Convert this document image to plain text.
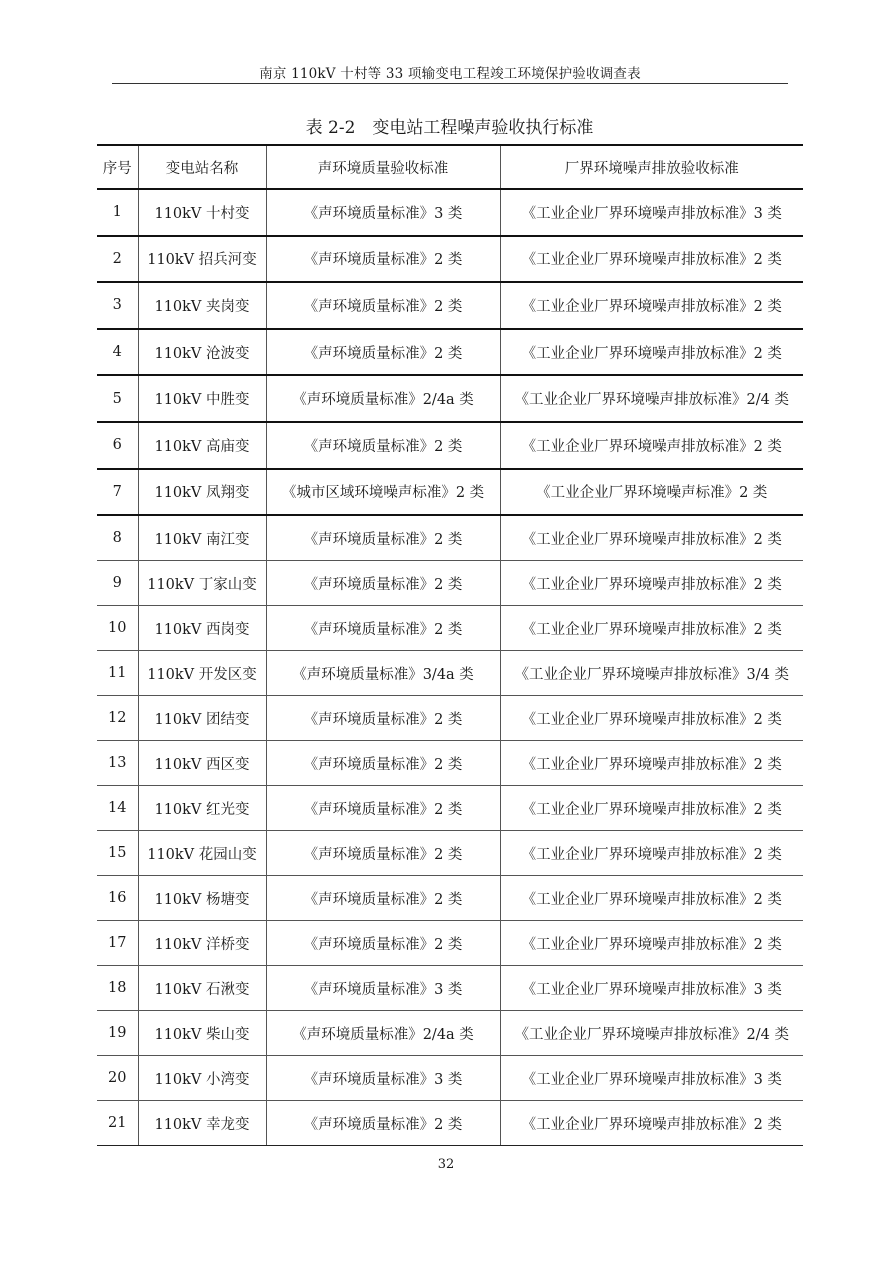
南京 110kV 十村等 33 项输变电工程竣工环境保护验收调查表
表 2-2　变电站工程噪声验收执行标准
序号	变电站名称	声环境质量验收标准	厂界环境噪声排放验收标准
1	110kV 十村变	《声环境质量标准》3 类	《工业企业厂界环境噪声排放标准》3 类
2	110kV 招兵河变	《声环境质量标准》2 类	《工业企业厂界环境噪声排放标准》2 类
3	110kV 夹岗变	《声环境质量标准》2 类	《工业企业厂界环境噪声排放标准》2 类
4	110kV 沧波变	《声环境质量标准》2 类	《工业企业厂界环境噪声排放标准》2 类
5	110kV 中胜变	《声环境质量标准》2/4a 类	《工业企业厂界环境噪声排放标准》2/4 类
6	110kV 高庙变	《声环境质量标准》2 类	《工业企业厂界环境噪声排放标准》2 类
7	110kV 凤翔变	《城市区域环境噪声标准》2 类	《工业企业厂界环境噪声标准》2 类
8	110kV 南江变	《声环境质量标准》2 类	《工业企业厂界环境噪声排放标准》2 类
9	110kV 丁家山变	《声环境质量标准》2 类	《工业企业厂界环境噪声排放标准》2 类
10	110kV 西岗变	《声环境质量标准》2 类	《工业企业厂界环境噪声排放标准》2 类
11	110kV 开发区变	《声环境质量标准》3/4a 类	《工业企业厂界环境噪声排放标准》3/4 类
12	110kV 团结变	《声环境质量标准》2 类	《工业企业厂界环境噪声排放标准》2 类
13	110kV 西区变	《声环境质量标准》2 类	《工业企业厂界环境噪声排放标准》2 类
14	110kV 红光变	《声环境质量标准》2 类	《工业企业厂界环境噪声排放标准》2 类
15	110kV 花园山变	《声环境质量标准》2 类	《工业企业厂界环境噪声排放标准》2 类
16	110kV 杨塘变	《声环境质量标准》2 类	《工业企业厂界环境噪声排放标准》2 类
17	110kV 洋桥变	《声环境质量标准》2 类	《工业企业厂界环境噪声排放标准》2 类
18	110kV 石湫变	《声环境质量标准》3 类	《工业企业厂界环境噪声排放标准》3 类
19	110kV 柴山变	《声环境质量标准》2/4a 类	《工业企业厂界环境噪声排放标准》2/4 类
20	110kV 小湾变	《声环境质量标准》3 类	《工业企业厂界环境噪声排放标准》3 类
21	110kV 幸龙变	《声环境质量标准》2 类	《工业企业厂界环境噪声排放标准》2 类
32
